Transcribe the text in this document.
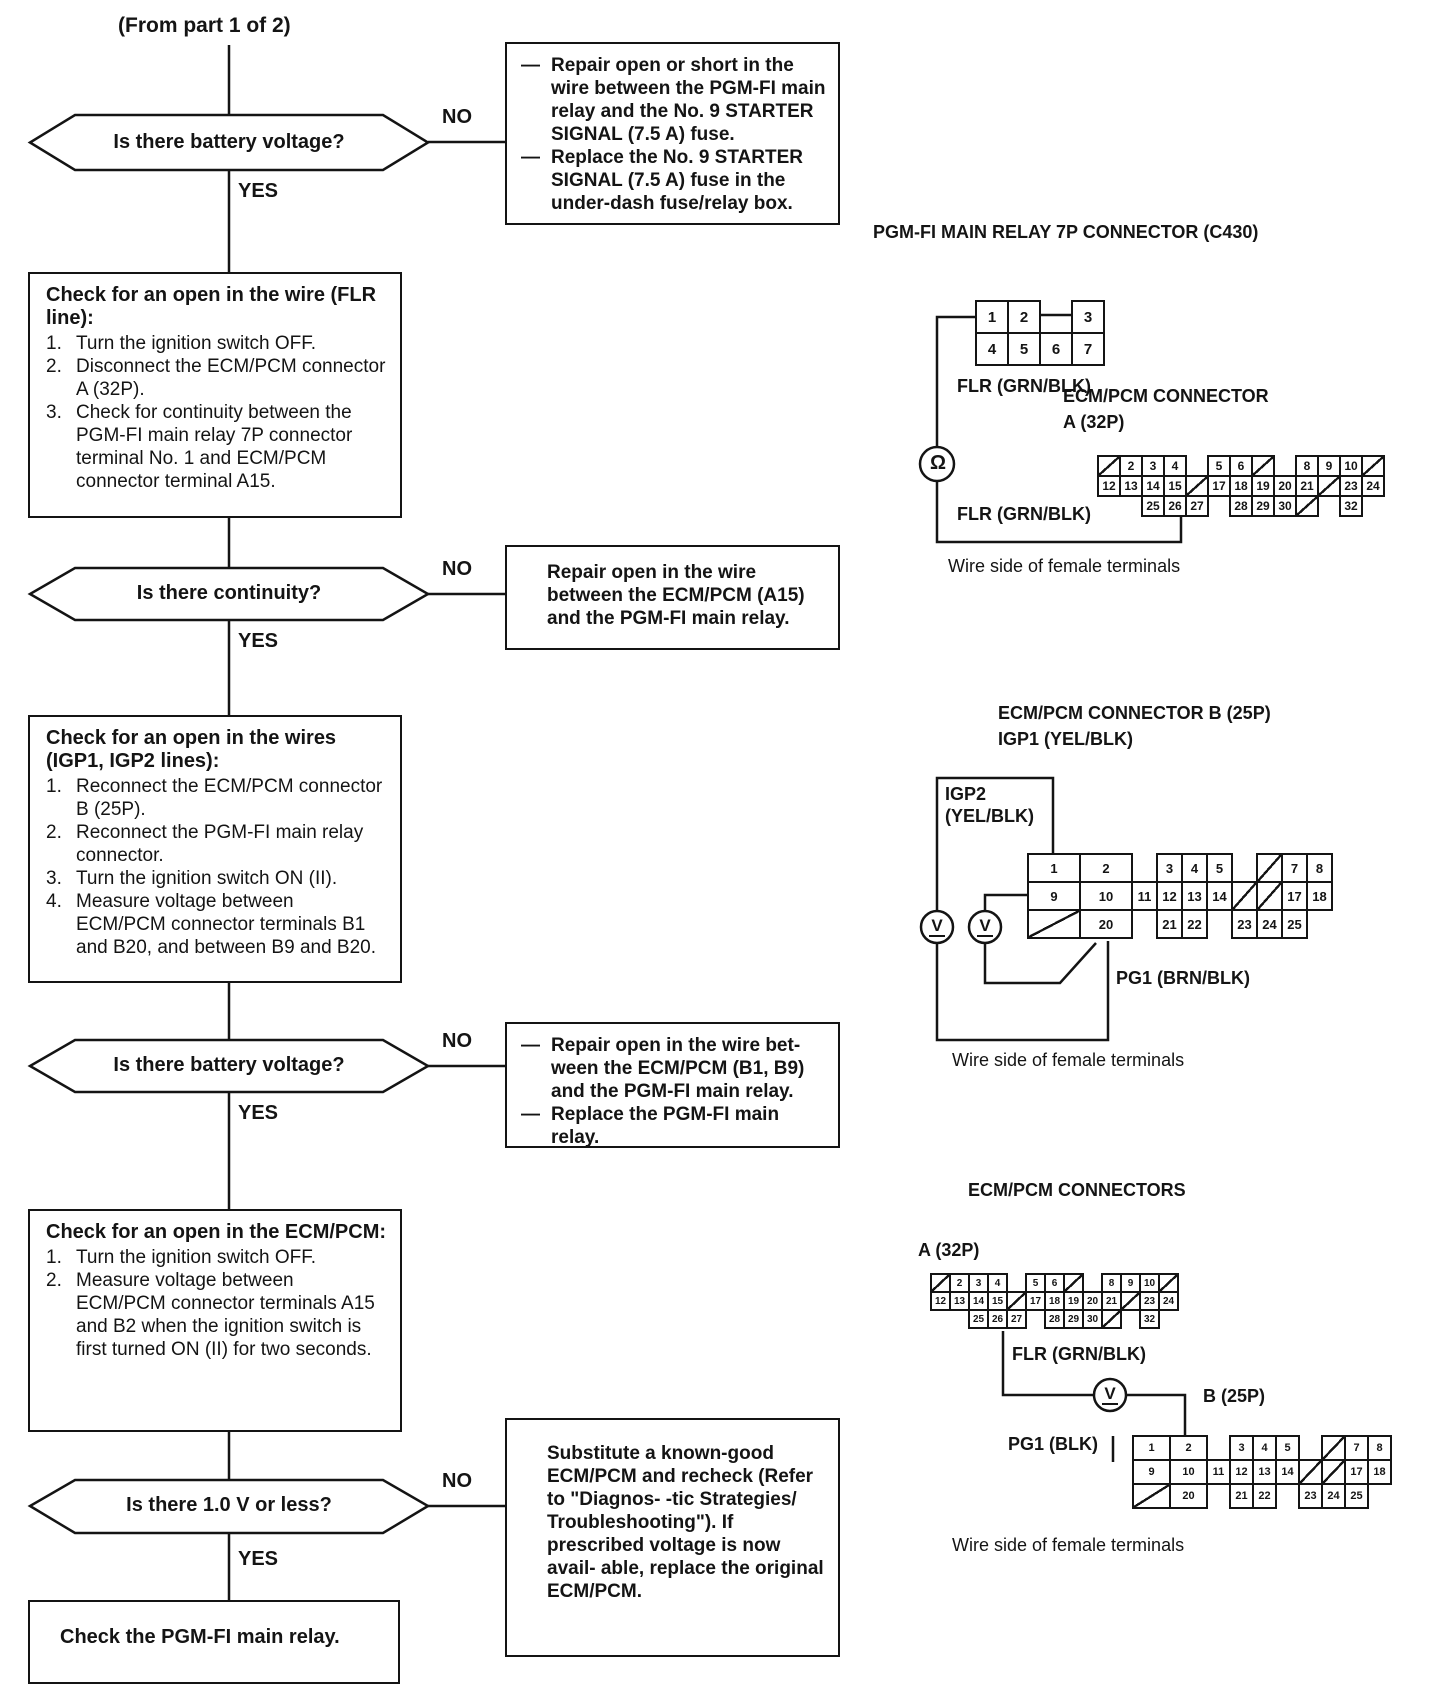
(From part 1 of 2)
Is there battery voltage?
Is there continuity?
Is there battery voltage?
Is there 1.0 V or less?
YES
YES
YES
YES
NO
NO
NO
NO
Check for an open in the wire (FLR line):
1. Turn the ignition switch OFF.
2. Disconnect the ECM/PCM connector A (32P).
3. Check for continuity between the PGM-FI main relay 7P connector terminal No. 1 and ECM/PCM connector terminal A15.
Check for an open in the wires (IGP1, IGP2 lines):
1. Reconnect the ECM/PCM connector B (25P).
2. Reconnect the PGM-FI main relay connector.
3. Turn the ignition switch ON (II).
4. Measure voltage between ECM/PCM connector terminals B1 and B20, and between B9 and B20.
Check for an open in the ECM/PCM:
1. Turn the ignition switch OFF.
2. Measure voltage between ECM/PCM connector terminals A15 and B2 when the ignition switch is first turned ON (II) for two seconds.
— Repair open or short in the wire between the PGM-FI main relay and the No. 9 STARTER SIGNAL (7.5 A) fuse.
— Replace the No. 9 STARTER SIGNAL (7.5 A) fuse in the under-dash fuse/relay box.
Repair open in the wire between the ECM/PCM (A15) and the PGM-FI main relay.
— Repair open in the wire bet- ween the ECM/PCM (B1, B9) and the PGM-FI main relay.
— Replace the PGM-FI main relay.
Substitute a known-good ECM/PCM and recheck (Refer to "Diagnos- -tic Strategies/ Troubleshooting"). If prescribed voltage is now avail- able, replace the original ECM/PCM.
Check the PGM-FI main relay.
PGM-FI MAIN RELAY 7P CONNECTOR (C430)
1	2	3
4	5	6	7
Ω
FLR (GRN/BLK)
ECM/PCM CONNECTOR
A (32P)
2	3	4	5	6	8	9 10
12 13 14 15	17 18 19 20 21	23 24
25 26 27	28 29 30	32
FLR (GRN/BLK)
Wire side of female terminals
ECM/PCM CONNECTOR B (25P)
IGP1 (YEL/BLK)
IGP2
(YEL/BLK)
1	2	3	4	5	7	8
9	10	11 12 13 14	17 18
20	21 22	23 24 25
V	V
PG1 (BRN/BLK)
Wire side of female terminals
ECM/PCM CONNECTORS
A (32P)
2	3	4	5	6	8	9	10
12 13 14 15	17 18 19 20 21	23 24
25 26 27	28 29 30	32
FLR (GRN/BLK)
V	B (25P)
PG1 (BLK)	1	2	3	4	5	7	8
9	10	11	12 13 14	17 18
20	21 22	23 24 25
Wire side of female terminals
